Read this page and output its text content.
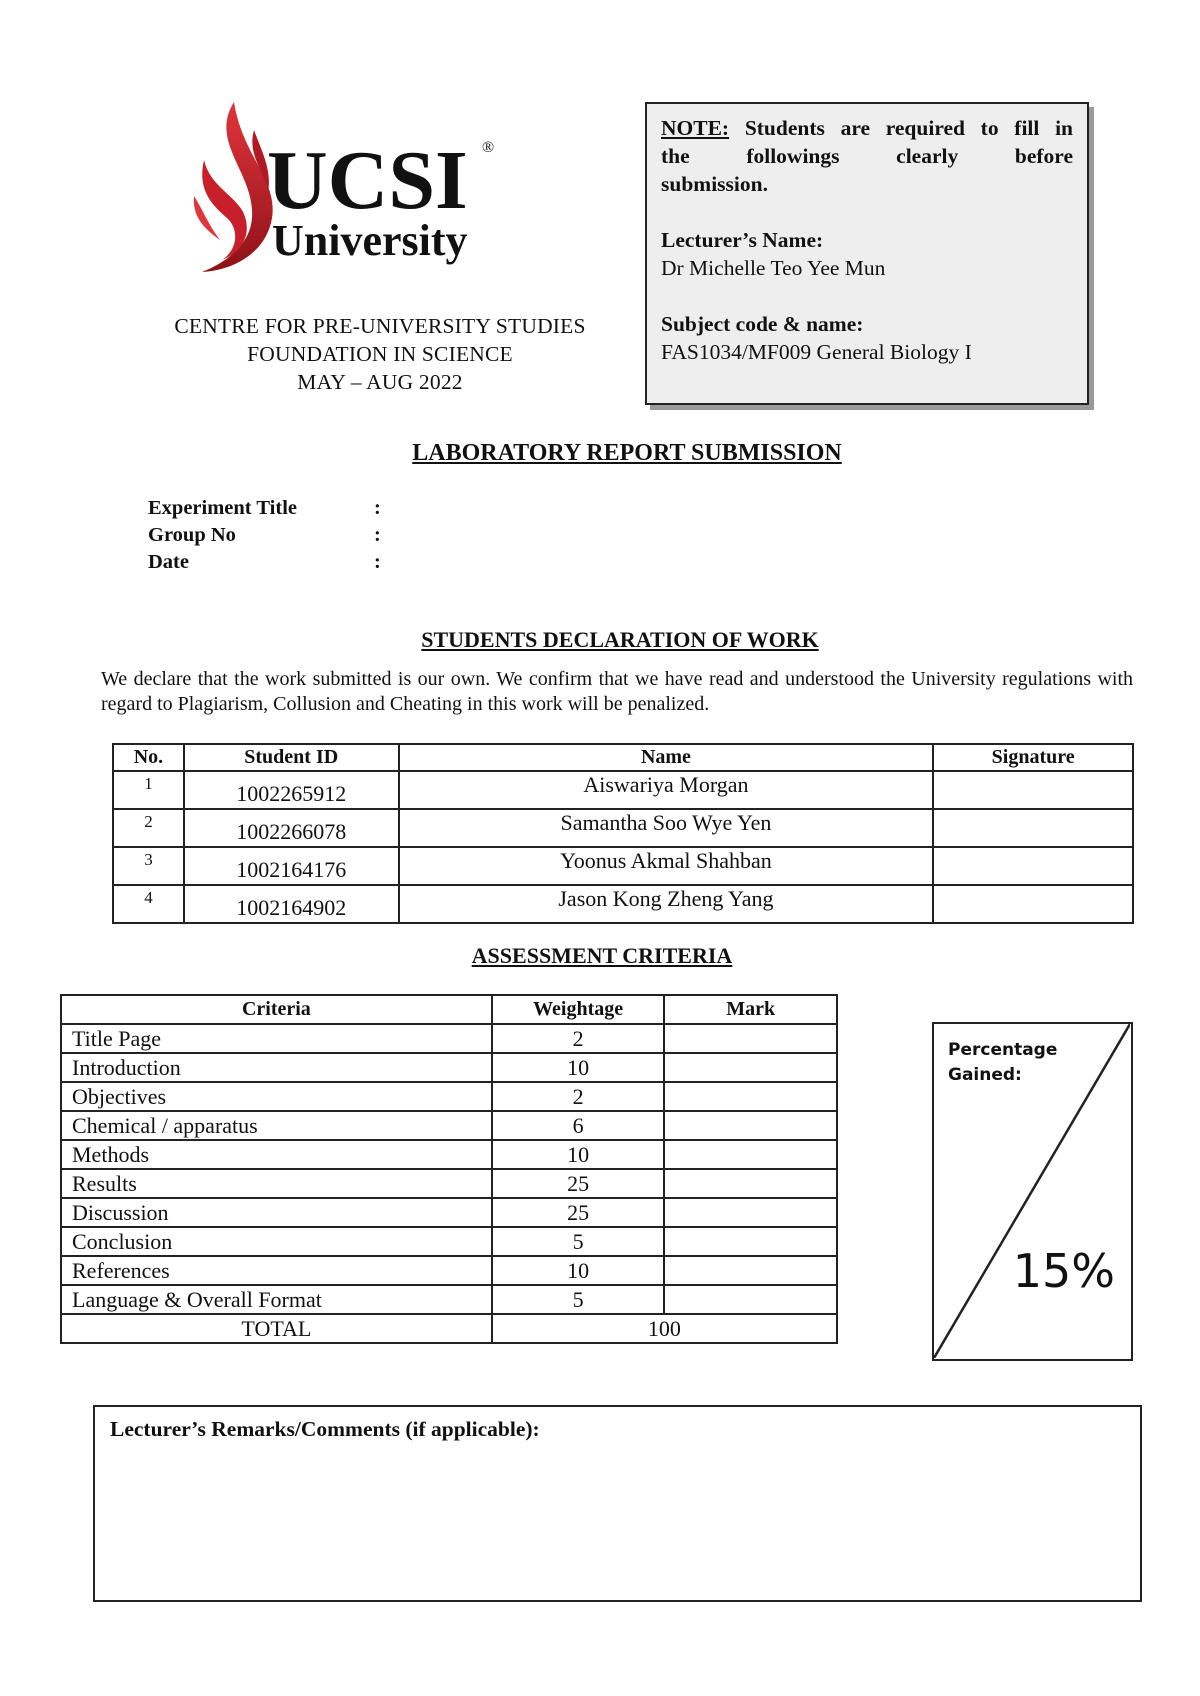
UCSI
University
®
CENTRE FOR PRE-UNIVERSITY STUDIES
FOUNDATION IN SCIENCE
MAY – AUG 2022
NOTE: Students are required to fill in
the followings clearly before
submission.
Lecturer’s Name:
Dr Michelle Teo Yee Mun
Subject code & name:
FAS1034/MF009 General Biology I
LABORATORY REPORT SUBMISSION
Experiment Title	:
Group No	:
Date	:
STUDENTS DECLARATION OF WORK
We declare that the work submitted is our own. We confirm that we have read and understood the University regulations with regard to Plagiarism, Collusion and Cheating in this work will be penalized.
No.	Student ID	Name	Signature
1	1002265912	Aiswariya Morgan	
2	1002266078	Samantha Soo Wye Yen	
3	1002164176	Yoonus Akmal Shahban	
4	1002164902	Jason Kong Zheng Yang	
ASSESSMENT CRITERIA
Criteria	Weightage	Mark
Title Page	2	
Introduction	10	
Objectives	2	
Chemical / apparatus	6	
Methods	10	
Results	25	
Discussion	25	
Conclusion	5	
References	10	
Language & Overall Format	5	
TOTAL	100	
Percentage
Gained:
15%
Lecturer’s Remarks/Comments (if applicable):
